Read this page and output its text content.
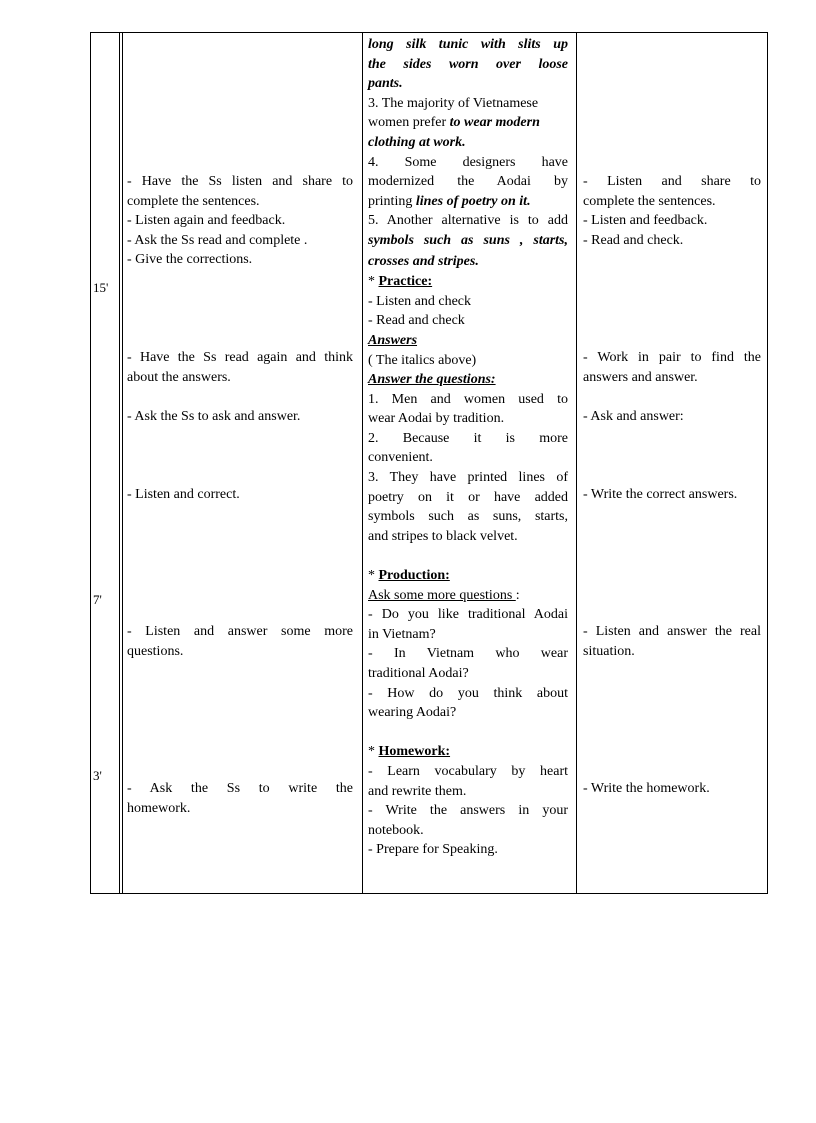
15'
7'
3'

- Have the Ss listen and share to

complete the sentences.

- Listen again and feedback.

- Ask the Ss read and complete .

- Give the corrections.

- Have the Ss read again and think

about the answers.

- Ask the Ss to ask and answer.

- Listen and correct.

- Listen and answer some more

questions.

- Ask the Ss to write the

homework.

long silk tunic with slits up

the sides worn over loose

pants.

3. The majority of Vietnamese

women prefer to wear modern

clothing at work.

4. Some designers have

modernized the Aodai by

printing lines of poetry on it.

5. Another alternative is to add

symbols such as suns , starts,

crosses and stripes.

* Practice:

- Listen and check

- Read and check

Answers

( The italics above)

Answer the questions:

1. Men and women used to

wear Aodai by tradition.

2. Because it is more

convenient.

3. They have printed lines of

poetry on it or have added

symbols such as suns, starts,

and stripes to black velvet.

* Production:

Ask some more questions :

- Do you like traditional Aodai

in Vietnam?

- In Vietnam who wear

traditional Aodai?

- How do you think about

wearing Aodai?

* Homework:

- Learn vocabulary by heart

and rewrite them.

- Write the answers in your

notebook.

- Prepare for Speaking.

- Listen and share to

complete the sentences.

- Listen and feedback.

- Read and check.

- Work in pair to find the

answers and answer.

- Ask and answer:

- Write the correct answers.

- Listen and answer the real

situation.

- Write the homework.
